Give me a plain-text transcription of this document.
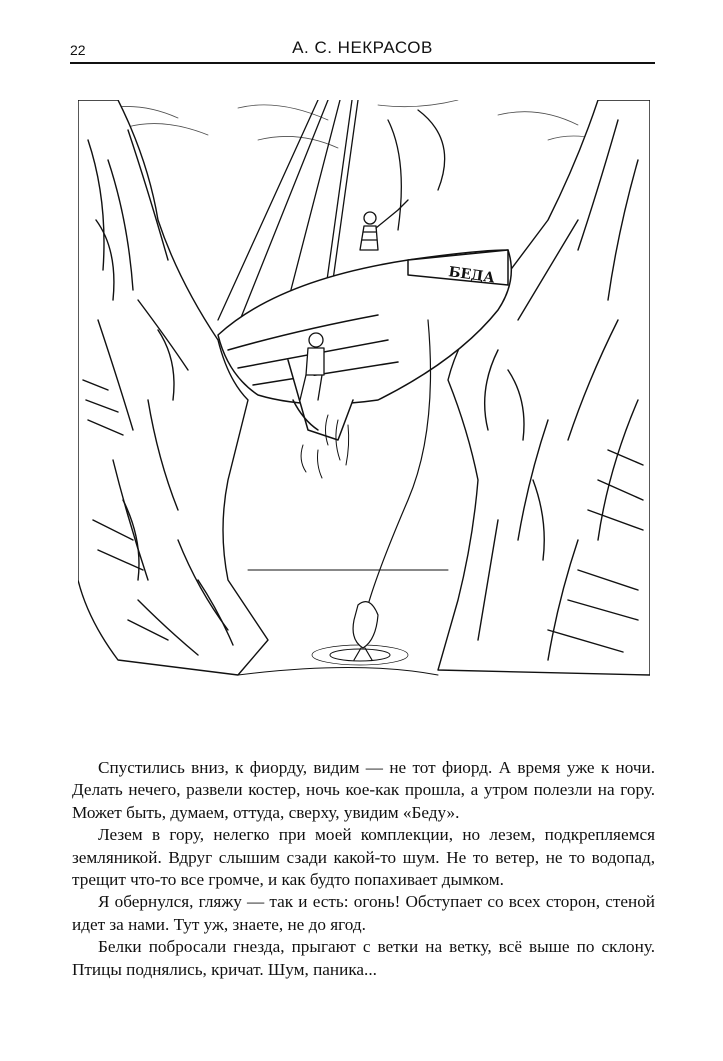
22	А. С. НЕКРАСОВ
БЕДА

Спустились вниз, к фиорду, видим — не тот фиорд. А время уже к ночи. Делать нечего, развели костер, ночь кое-как прошла, а утром полезли на гору. Может быть, думаем, оттуда, сверху, увидим «Беду».

Лезем в гору, нелегко при моей комплекции, но лезем, подкрепляемся земляникой. Вдруг слышим сзади какой-то шум. Не то ветер, не то водопад, трещит что-то все громче, и как будто попахивает дымком.

Я обернулся, гляжу — так и есть: огонь! Обступает со всех сторон, стеной идет за нами. Тут уж, знаете, не до ягод.

Белки побросали гнезда, прыгают с ветки на ветку, всё выше по склону. Птицы поднялись, кричат. Шум, паника...
